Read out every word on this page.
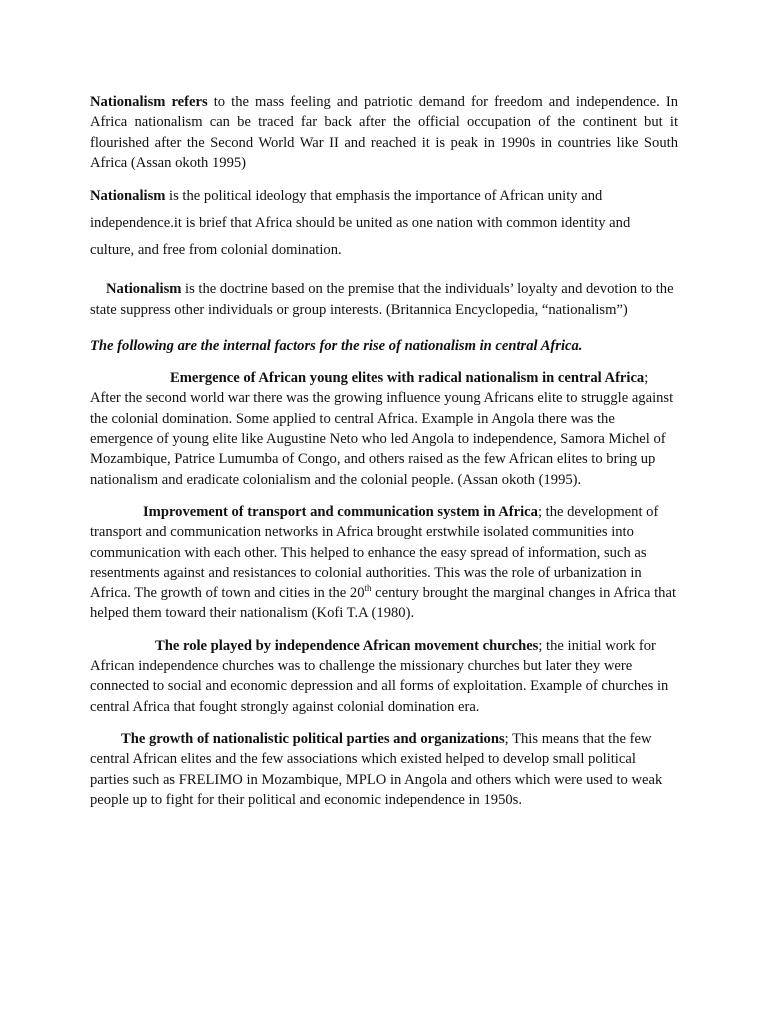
Nationalism refers to the mass feeling and patriotic demand for freedom and independence. In Africa nationalism can be traced far back after the official occupation of the continent but it flourished after the Second World War II and reached it is peak in 1990s in countries like South Africa (Assan okoth 1995)

Nationalism is the political ideology that emphasis the importance of African unity and independence.it is brief that Africa should be united as one nation with common identity and culture, and free from colonial domination.

Nationalism is the doctrine based on the premise that the individuals’ loyalty and devotion to the state suppress other individuals or group interests. (Britannica Encyclopedia, “nationalism”)

The following are the internal factors for the rise of nationalism in central Africa.

Emergence of African young elites with radical nationalism in central Africa; After the second world war there was the growing influence young Africans elite to struggle against the colonial domination. Some applied to central Africa. Example in Angola there was the emergence of young elite like Augustine Neto who led Angola to independence, Samora Michel of Mozambique, Patrice Lumumba of Congo, and others raised as the few African elites to bring up nationalism and eradicate colonialism and the colonial people. (Assan okoth (1995).

Improvement of transport and communication system in Africa; the development of transport and communication networks in Africa brought erstwhile isolated communities into communication with each other. This helped to enhance the easy spread of information, such as resentments against and resistances to colonial authorities. This was the role of urbanization in Africa. The growth of town and cities in the 20th century brought the marginal changes in Africa that helped them toward their nationalism (Kofi T.A (1980).

The role played by independence African movement churches; the initial work for African independence churches was to challenge the missionary churches but later they were connected to social and economic depression and all forms of exploitation. Example of churches in central Africa that fought strongly against colonial domination era.

The growth of nationalistic political parties and organizations; This means that the few central African elites and the few associations which existed helped to develop small political parties such as FRELIMO in Mozambique, MPLO in Angola and others which were used to weak people up to fight for their political and economic independence in 1950s.
